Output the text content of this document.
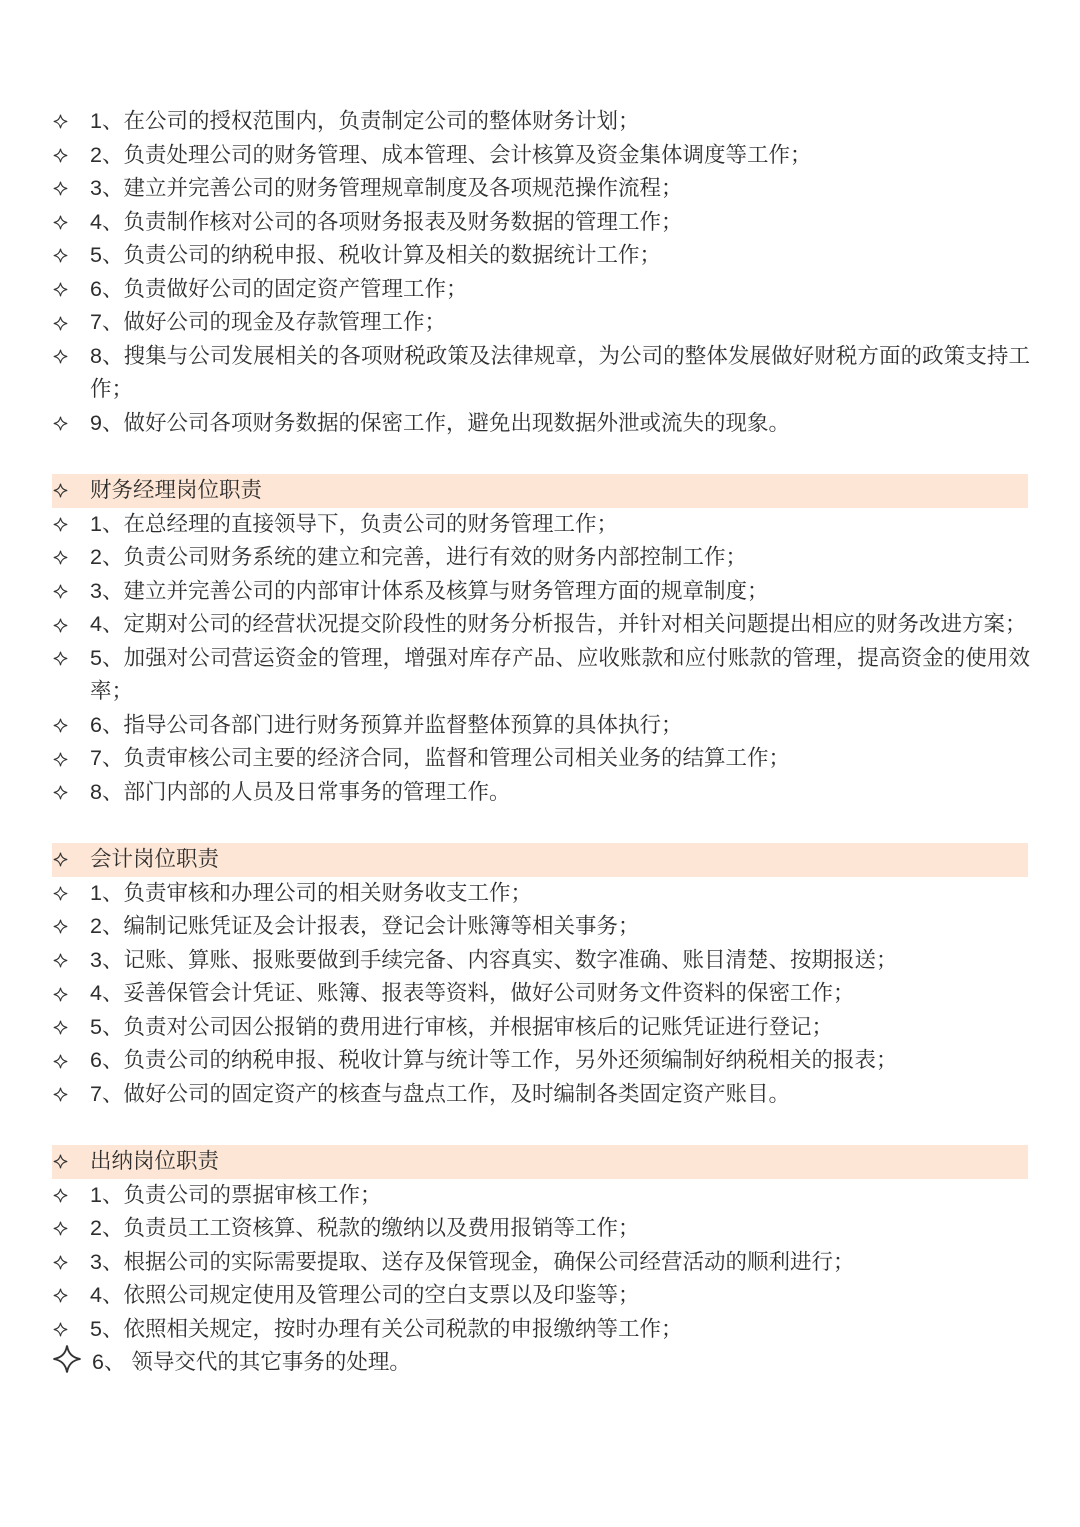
1、在公司的授权范围内，负责制定公司的整体财务计划；
2、负责处理公司的财务管理、成本管理、会计核算及资金集体调度等工作；
3、建立并完善公司的财务管理规章制度及各项规范操作流程；
4、负责制作核对公司的各项财务报表及财务数据的管理工作；
5、负责公司的纳税申报、税收计算及相关的数据统计工作；
6、负责做好公司的固定资产管理工作；
7、做好公司的现金及存款管理工作；
8、搜集与公司发展相关的各项财税政策及法律规章，为公司的整体发展做好财税方面的政策支持工作；
9、做好公司各项财务数据的保密工作，避免出现数据外泄或流失的现象。
财务经理岗位职责
1、在总经理的直接领导下，负责公司的财务管理工作；
2、负责公司财务系统的建立和完善，进行有效的财务内部控制工作；
3、建立并完善公司的内部审计体系及核算与财务管理方面的规章制度；
4、定期对公司的经营状况提交阶段性的财务分析报告，并针对相关问题提出相应的财务改进方案；
5、加强对公司营运资金的管理，增强对库存产品、应收账款和应付账款的管理，提高资金的使用效率；
6、指导公司各部门进行财务预算并监督整体预算的具体执行；
7、负责审核公司主要的经济合同，监督和管理公司相关业务的结算工作；
8、部门内部的人员及日常事务的管理工作。
会计岗位职责
1、负责审核和办理公司的相关财务收支工作；
2、编制记账凭证及会计报表，登记会计账簿等相关事务；
3、记账、算账、报账要做到手续完备、内容真实、数字准确、账目清楚、按期报送；
4、妥善保管会计凭证、账簿、报表等资料，做好公司财务文件资料的保密工作；
5、负责对公司因公报销的费用进行审核，并根据审核后的记账凭证进行登记；
6、负责公司的纳税申报、税收计算与统计等工作，另外还须编制好纳税相关的报表；
7、做好公司的固定资产的核查与盘点工作，及时编制各类固定资产账目。
出纳岗位职责
1、负责公司的票据审核工作；
2、负责员工工资核算、税款的缴纳以及费用报销等工作；
3、根据公司的实际需要提取、送存及保管现金，确保公司经营活动的顺利进行；
4、依照公司规定使用及管理公司的空白支票以及印鉴等；
5、依照相关规定，按时办理有关公司税款的申报缴纳等工作；
6、 领导交代的其它事务的处理。
